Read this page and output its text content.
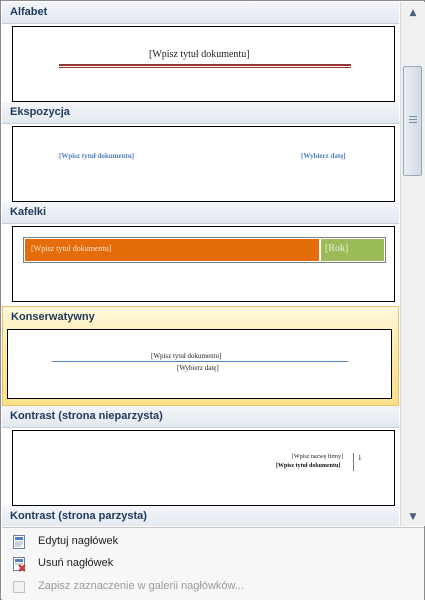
Alfabet
[Wpisz tytuł dokumentu]
Ekspozycja
[Wpisz tytuł dokumentu]	[Wybierz datę]
Kafelki
[Wpisz tytuł dokumentu]	[Rok]
Konserwatywny
[Wpisz tytuł dokumentu]
[Wybierz datę]
Kontrast (strona nieparzysta)
[Wpisz nazwę firmy]
[Wpisz tytuł dokumentu]
1
Kontrast (strona parzysta)
▲
▼
Edytuj nagłówek
Usuń nagłówek
Zapisz zaznaczenie w galerii nagłówków...
